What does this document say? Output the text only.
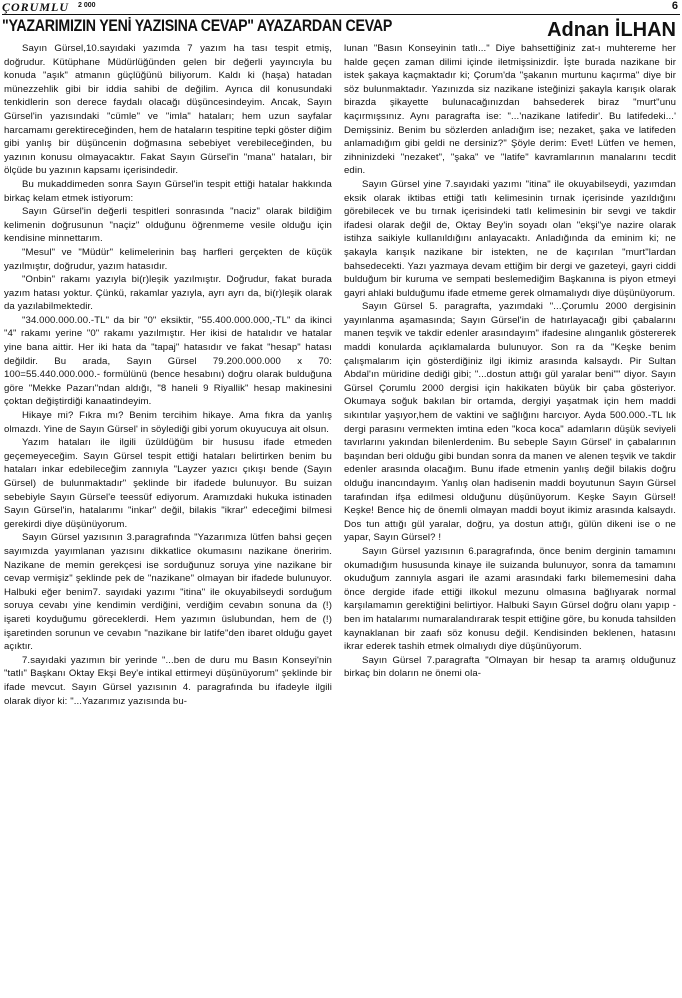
ÇORUMLU 2 000	6
"YAZARIMIZIN YENİ YAZISINA CEVAP" AYAZARDAN CEVAP	Adnan İLHAN

Sayın Gürsel,10.sayıdaki yazımda 7 yazım ha tası tespit etmiş, doğrudur. Kütüphane Müdürlüğünden gelen bir değerli yayıncıyla bu konuda "aşık" atmanın güçlüğünü biliyorum. Kaldı ki (haşa) hatadan münezzehlik gibi bir iddia sahibi de değilim. Ayrıca dil konusundaki tenkidlerin son derece faydalı olacağı düşüncesindeyim. Ancak, Sayın Gürsel'in yazısındaki "cümle" ve "imla" hataları; hem uzun sayfalar harcamamı gerektireceğinden, hem de hataların tespitine tepki göster diğim gibi yanlış bir düşüncenin doğmasına sebebiyet verebileceğinden, bu yazının konusu olmayacaktır. Fakat Sayın Gürsel'in "mana" hataları, bir ölçüde bu yazının kapsamı içerisindedir.

Bu mukaddimeden sonra Sayın Gürsel'in tespit ettiği hatalar hakkında birkaç kelam etmek istiyorum:

Sayın Gürsel'in değerli tespitleri sonrasında "naciz" olarak bildiğim kelimenin doğrusunun "naçiz" olduğunu öğrenmeme vesile olduğu için kendisine minnettarım.

"Mesul" ve "Müdür" kelimelerinin baş harfleri gerçekten de küçük yazılmıştır, doğrudur, yazım hatasıdır.

"Onbin" rakamı yazıyla bi(r)leşik yazılmıştır. Doğrudur, fakat burada yazım hatası yoktur. Çünkü, rakamlar yazıyla, ayrı ayrı da, bi(r)leşik olarak da yazılabilmektedir.

"34.000.000.00.-TL" da bir "0" eksiktir, "55.400.000.000,-TL" da ikinci "4" rakamı yerine "0" rakamı yazılmıştır. Her ikisi de hatalıdır ve hatalar yine bana aittir. Her iki hata da "tapaj" hatasıdır ve fakat "hesap" hatası değildir. Bu arada, Sayın Gürsel 79.200.000.000 x 70: 100=55.440.000.000.- formülünü (bence hesabını) doğru olarak bulduğuna göre "Mekke Pazarı"ndan aldığı, "8 haneli 9 Riyallik" hesap makinesini çoktan değiştirdiği kanaatindeyim.

Hikaye mi? Fıkra mı? Benim tercihim hikaye. Ama fıkra da yanlış olmazdı. Yine de Sayın Gürsel' in söylediği gibi yorum okuyucuya ait olsun.

Yazım hataları ile ilgili üzüldüğüm bir hususu ifade etmeden geçemeyeceğim. Sayın Gürsel tespit ettiği hataları belirtirken benim bu hataları inkar edebileceğim zannıyla "Layzer yazıcı çıkışı bende (Sayın Gürsel) de bulunmaktadır" şeklinde bir ifadede bulunuyor. Bu suizan sebebiyle Sayın Gürsel'e teessüf ediyorum. Aramızdaki hukuka istinaden Sayın Gürsel'in, hatalarımı "inkar" değil, bilakis "ikrar" edeceğimi bilmesi gerekirdi diye düşünüyorum.

Sayın Gürsel yazısının 3.paragrafında "Yazarımıza lütfen bahsi geçen sayımızda yayımlanan yazısını dikkatlice okumasını nazikane öneririm. Nazikane de memin gerekçesi ise sorduğunuz soruya yine nazikane bir cevap vermişiz" şeklinde pek de "nazikane" olmayan bir ifadede bulunuyor. Halbuki eğer benim7. sayıdaki yazımı "itina" ile okuyabilseydi sorduğum soruya cevabı yine kendimin verdiğini, verdiğim cevabın sonuna da (!) işareti koyduğumu göreceklerdi. Hem yazımın üslubundan, hem de (!) işaretinden sorunun ve cevabın "nazikane bir latife"den ibaret olduğu gayet açıktır.

7.sayıdaki yazımın bir yerinde "...ben de duru mu Basın Konseyi'nin "tatlı" Başkanı Oktay Ekşi Bey'e intikal ettirmeyi düşünüyorum" şeklinde bir ifade mevcut. Sayın Gürsel yazısının 4. paragrafında bu ifadeyle ilgili olarak diyor ki: "...Yazarımız yazısında bu-

lunan "Basın Konseyinin tatlı..." Diye bahsettiğiniz zat-ı muhtereme her halde geçen zaman dilimi içinde iletmişsinizdir. İşte burada nazikane bir istek şakaya kaçmaktadır ki; Çorum'da "şakanın murtunu kaçırma" diye bir söz bulunmaktadır. Yazınızda siz nazikane isteğinizi şakayla karışık olarak birazda şikayette bulunacağınızdan bahsederek biraz "murt"unu kaçırmışsınız. Aynı paragrafta ise: "...'nazikane latifedir'. Bu latifedeki...' Demişsiniz. Benim bu sözlerden anladığım ise; nezaket, şaka ve latifeden anlamadığım gibi geldi ne dersiniz?" Şöyle derim: Evet! Lütfen ve hemen, zihninizdeki "nezaket", "şaka" ve "latife" kavramlarının manalarını tecdit edin.

Sayın Gürsel yine 7.sayıdaki yazımı "itina" ile okuyabilseydi, yazımdan eksik olarak iktibas ettiği tatlı kelimesinin tırnak içerisinde yazıldığını görebilecek ve bu tırnak içerisindeki tatlı kelimesinin bir sevgi ve takdir ifadesi olarak değil de, Oktay Bey'in soyadı olan "ekşi"ye nazire olarak istihza saikiyle kullanıldığını anlayacaktı. Anladığında da eminim ki; ne şakayla karışık nazikane bir istekten, ne de kaçırılan "murt"lardan bahsedecekti. Yazı yazmaya devam ettiğim bir dergi ve gazeteyi, gayri ciddi bulduğum bir kuruma ve sempati beslemediğim Başkanına is piyon etmeyi gayri ahlaki bulduğumu ifade etmeme gerek olmamalıydı diye düşünüyorum.

Sayın Gürsel 5. paragrafta, yazımdaki "...Çorumlu 2000 dergisinin yayınlanma aşamasında; Sayın Gürsel'in de hatırlayacağı gibi çabalarını manen teşvik ve takdir edenler arasındayım" ifadesine alınganlık göstererek maddi konularda açıklamalarda bulunuyor. Son ra da "Keşke benim çalışmalarım için gösterdiğiniz ilgi ikimiz arasında kalsaydı. Pir Sultan Abdal'ın müridine dediği gibi; "...dostun attığı gül yaralar beni"" diyor. Sayın Gürsel Çorumlu 2000 dergisi için hakikaten büyük bir çaba gösteriyor. Okumaya soğuk bakılan bir ortamda, dergiyi yaşatmak için hem maddi sıkıntılar yaşıyor,hem de vaktini ve sağlığını harcıyor. Ayda 500.000.-TL lık dergi parasını vermekten imtina eden "koca koca" adamların düşük seviyeli tavırlarını yakından bilenlerdenim. Bu sebeple Sayın Gürsel' in çabalarının başından beri olduğu gibi bundan sonra da manen ve alenen teşvik ve takdir edenler arasında olacağım. Bunu ifade etmenin yanlış değil bilakis doğru olduğu inancındayım. Yanlış olan hadisenin maddi boyutunun Sayın Gürsel tarafından ifşa edilmesi olduğunu düşünüyorum. Keşke Sayın Gürsel! Keşke! Bence hiç de önemli olmayan maddi boyut ikimiz arasında kalsaydı. Dos tun attığı gül yaralar, doğru, ya dostun attığı, gülün dikeni ise o ne yapar, Sayın Gürsel? !

Sayın Gürsel yazısının 6.paragrafında, önce benim derginin tamamını okumadığım hususunda kinaye ile suizanda bulunuyor, sonra da tamamını okuduğum zannıyla asgari ile azami arasındaki farkı bilememesini daha önce dergide ifade ettiği ilkokul mezunu olmasına bağlıyarak normal karşılamamın gerektiğini belirtiyor. Halbuki Sayın Gürsel doğru olanı yapıp - ben im hatalarımı numaralandırarak tespit ettiğine göre, bu konuda tahsilden kaynaklanan bir zaafı söz konusu değil. Kendisinden beklenen, hatasını ikrar ederek tashih etmek olmalıydı diye düşünüyorum.

Sayın Gürsel 7.paragrafta "Olmayan bir hesap ta aramış olduğunuz birkaç bin doların ne önemi ola-
